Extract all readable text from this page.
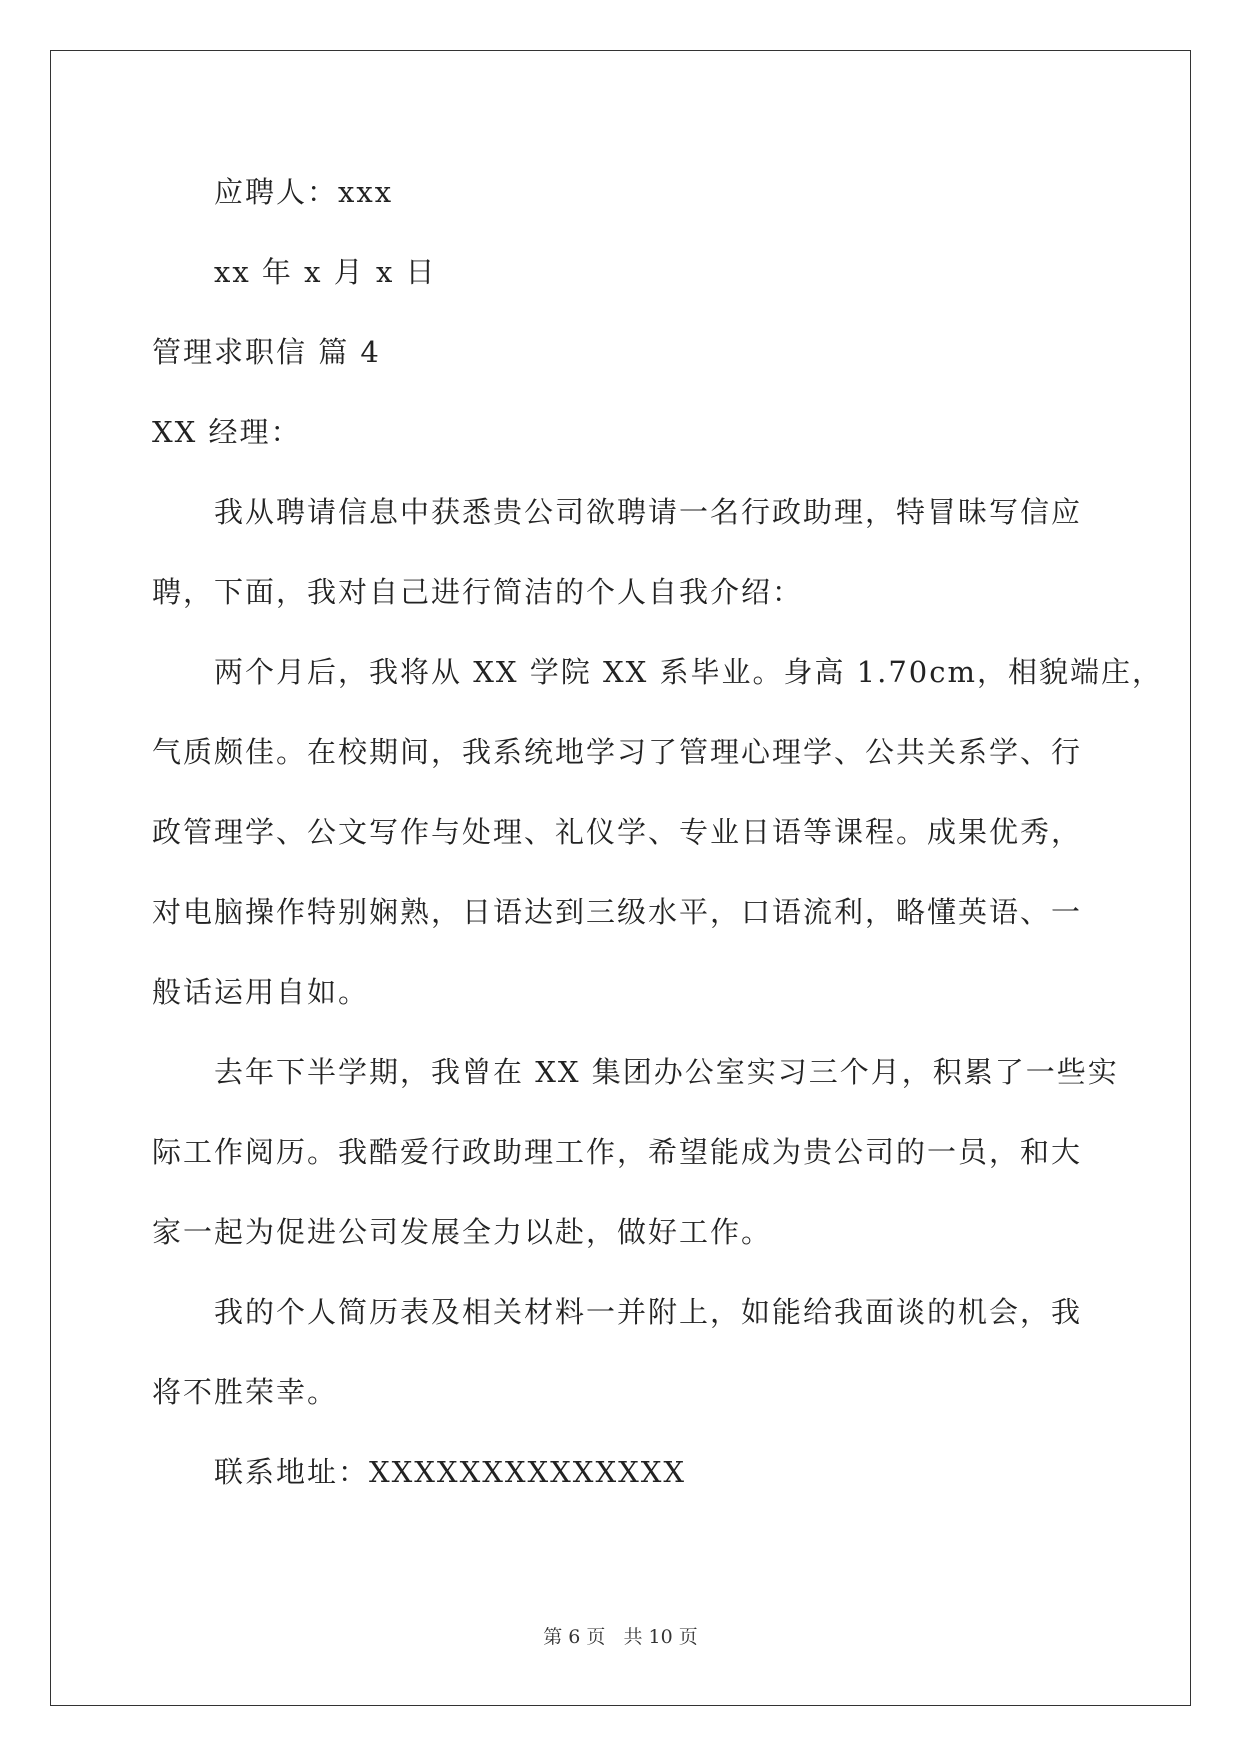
应聘人：xxx
xx 年 x 月 x 日
管理求职信 篇 4
XX 经理：
我从聘请信息中获悉贵公司欲聘请一名行政助理，特冒昧写信应
聘，下面，我对自己进行简洁的个人自我介绍：
两个月后，我将从 XX 学院 XX 系毕业。身高 1.70cm，相貌端庄，
气质颇佳。在校期间，我系统地学习了管理心理学、公共关系学、行
政管理学、公文写作与处理、礼仪学、专业日语等课程。成果优秀，
对电脑操作特别娴熟，日语达到三级水平，口语流利，略懂英语、一
般话运用自如。
去年下半学期，我曾在 XX 集团办公室实习三个月，积累了一些实
际工作阅历。我酷爱行政助理工作，希望能成为贵公司的一员，和大
家一起为促进公司发展全力以赴，做好工作。
我的个人简历表及相关材料一并附上，如能给我面谈的机会，我
将不胜荣幸。
联系地址：XXXXXXXXXXXXXX
第 6 页 共 10 页
